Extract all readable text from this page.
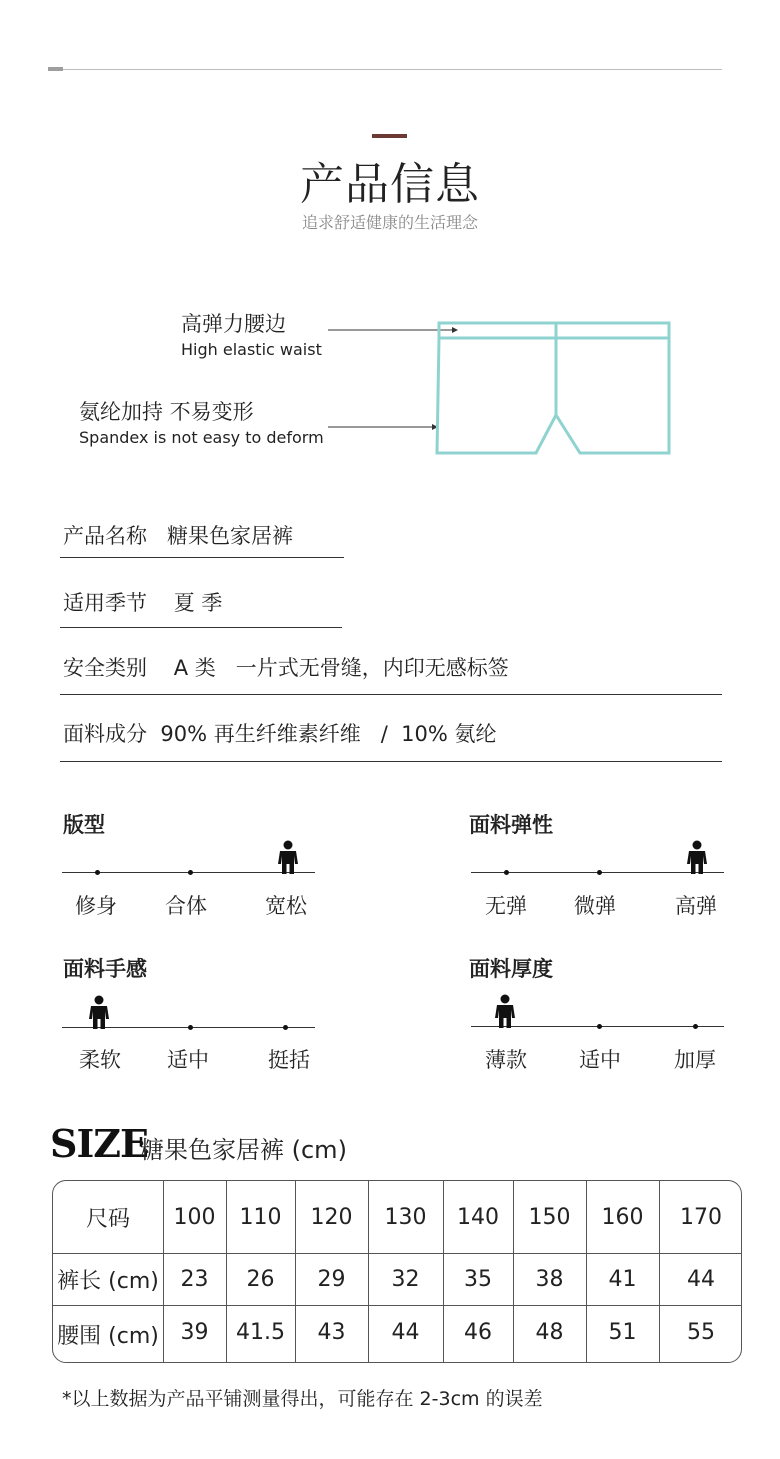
产品信息
追求舒适健康的生活理念
高弹力腰边
High elastic waist
氨纶加持 不易变形
Spandex is not easy to deform
产品名称   糖果色家居裤
适用季节    夏 季
安全类别    A 类   一片式无骨缝，内印无感标签
面料成分  90% 再生纤维素纤维   /  10% 氨纶
版型
修身	合体	宽松
面料弹性
无弹	微弹	高弹
面料手感
柔软	适中	挺括
面料厚度
薄款	适中	加厚
SIZE
糖果色家居裤 (cm)
尺码	100	110	120	130	140	150	160	170
裤长 (cm) 23	26	29	32	35	38	41	44
腰围 (cm) 39	41.5	43	44	46	48	51	55
*以上数据为产品平铺测量得出，可能存在 2-3cm 的误差
